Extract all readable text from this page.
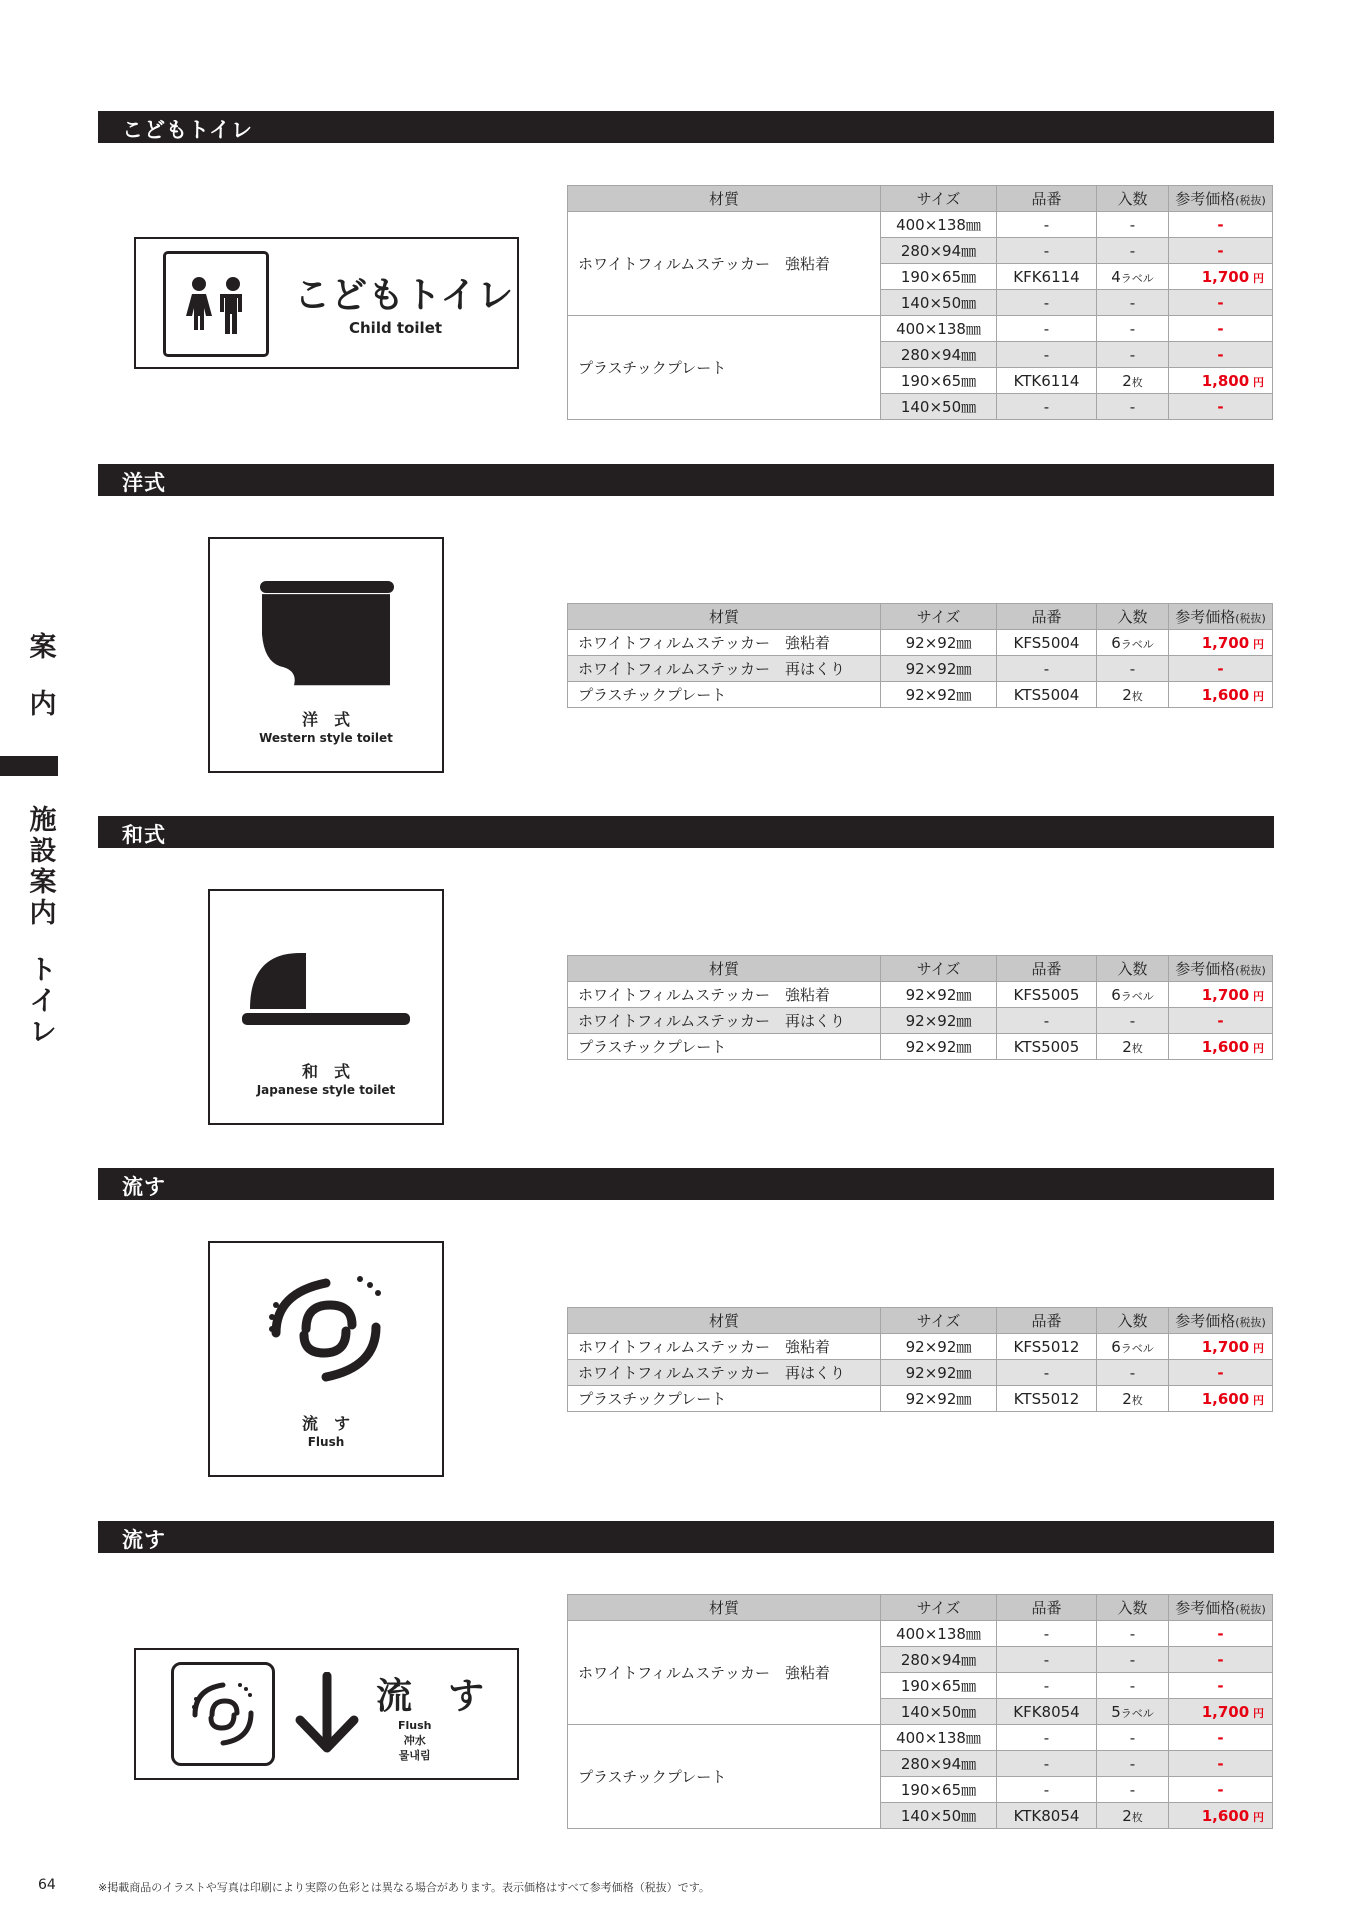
案
内
施
設
案
内
ト
イ
レ
こどもトイレ
洋式
和式
流す
流す
こどもトイレ
Child toilet
洋　式
Western style toilet
和　式
Japanese style toilet
流　す
Flush
流　す
Flush
冲水
물내림
材質	サイズ	品番	入数	参考価格(税抜)
ホワイトフィルムステッカー　強粘着	400×138㎜	-	-	-
	280×94㎜	-	-	-
	190×65㎜	KFK6114	4ラベル	1,700 円
	140×50㎜	-	-	-
プラスチックプレート	400×138㎜	-	-	-
	280×94㎜	-	-	-
	190×65㎜	KTK6114	2枚	1,800 円
	140×50㎜	-	-	-
材質	サイズ	品番	入数	参考価格(税抜)
ホワイトフィルムステッカー　強粘着	92×92㎜	KFS5004	6ラベル	1,700 円
ホワイトフィルムステッカー　再はくり	92×92㎜	-	-	-
プラスチックプレート	92×92㎜	KTS5004	2枚	1,600 円
材質	サイズ	品番	入数	参考価格(税抜)
ホワイトフィルムステッカー　強粘着	92×92㎜	KFS5005	6ラベル	1,700 円
ホワイトフィルムステッカー　再はくり	92×92㎜	-	-	-
プラスチックプレート	92×92㎜	KTS5005	2枚	1,600 円
材質	サイズ	品番	入数	参考価格(税抜)
ホワイトフィルムステッカー　強粘着	92×92㎜	KFS5012	6ラベル	1,700 円
ホワイトフィルムステッカー　再はくり	92×92㎜	-	-	-
プラスチックプレート	92×92㎜	KTS5012	2枚	1,600 円
材質	サイズ	品番	入数	参考価格(税抜)
ホワイトフィルムステッカー　強粘着	400×138㎜	-	-	-
	280×94㎜	-	-	-
	190×65㎜	-	-	-
	140×50㎜	KFK8054	5ラベル	1,700 円
プラスチックプレート	400×138㎜	-	-	-
	280×94㎜	-	-	-
	190×65㎜	-	-	-
	140×50㎜	KTK8054	2枚	1,600 円
64	※掲載商品のイラストや写真は印刷により実際の色彩とは異なる場合があります。表示価格はすべて参考価格（税抜）です。
